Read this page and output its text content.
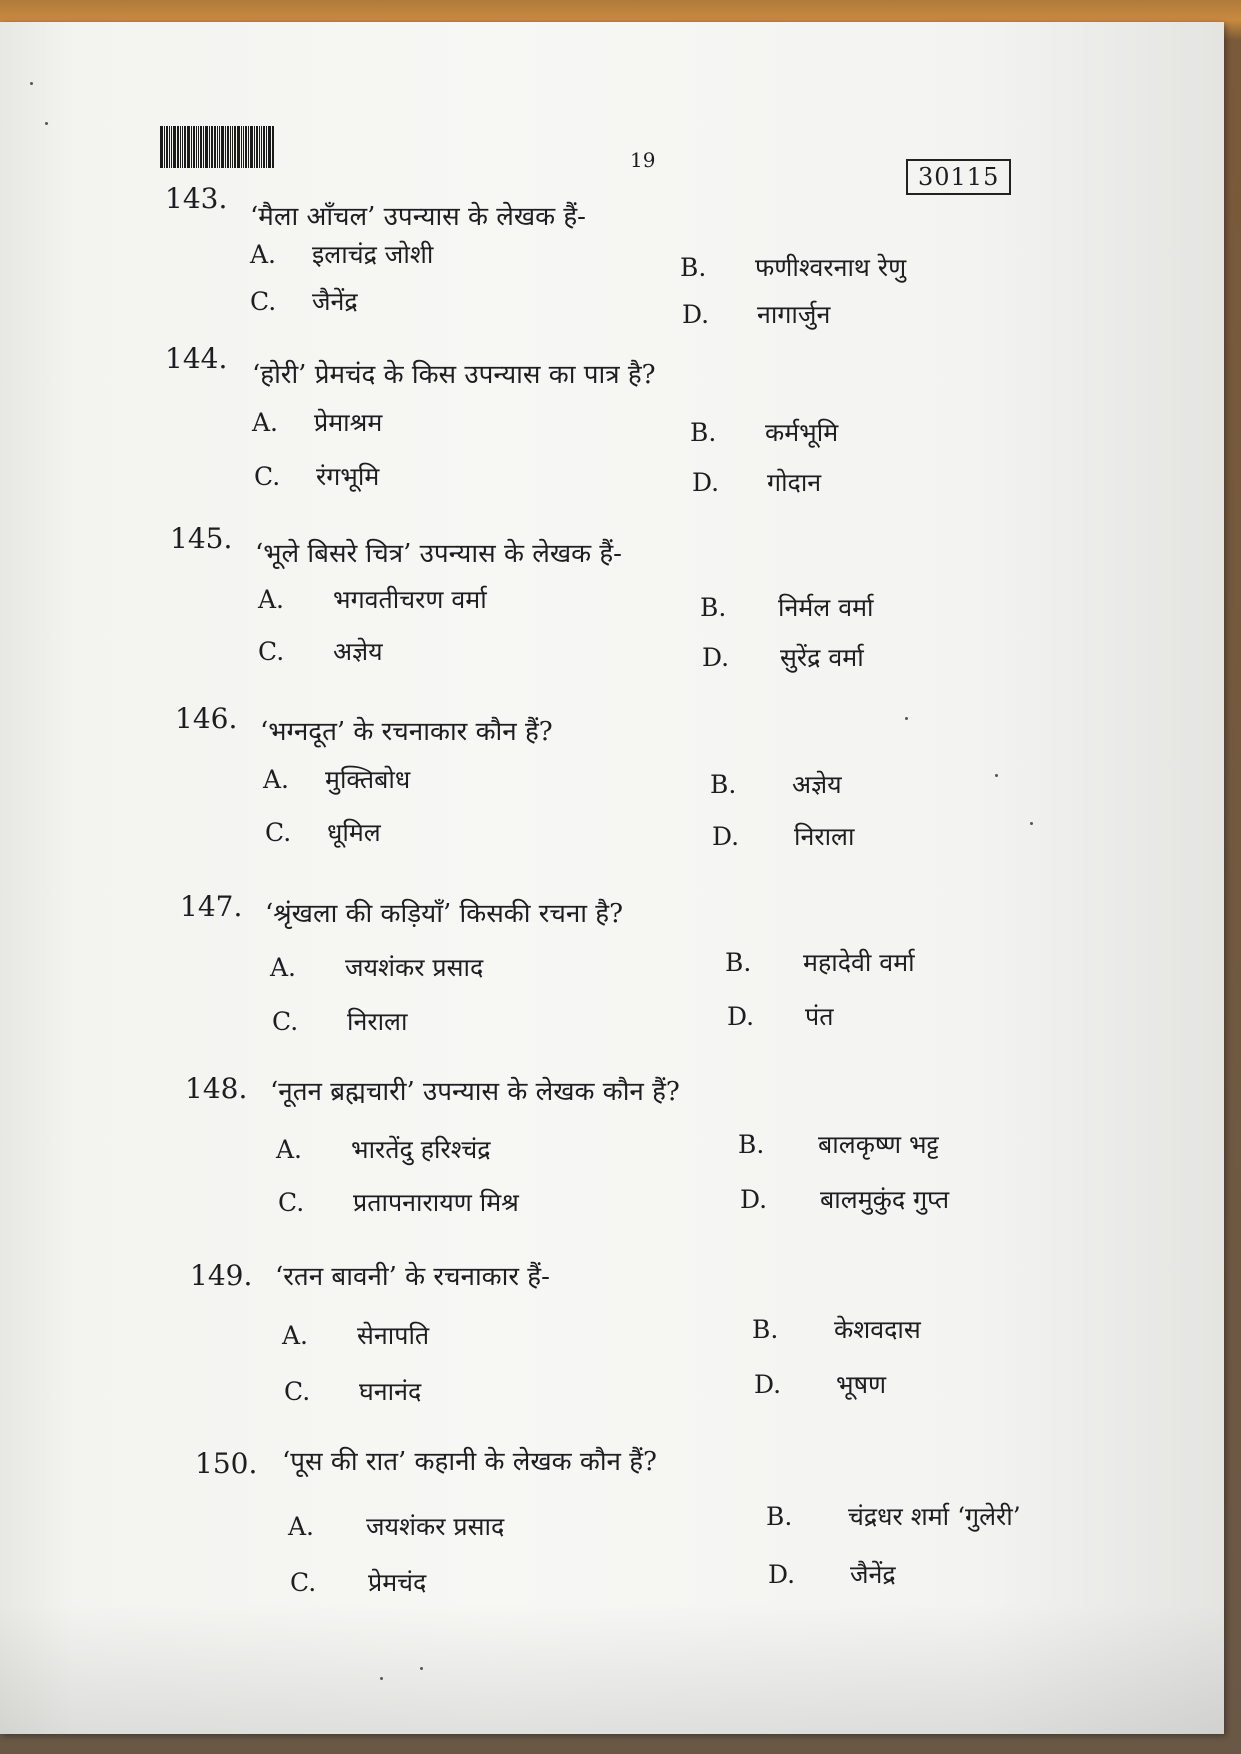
19
30115
143.
‘मैला आँचल’ उपन्यास के लेखक हैं-
A. इलाचंद्र जोशी	B. फणीश्वरनाथ रेणु
C. जैनेंद्र	D. नागार्जुन
144. ‘होरी’ प्रेमचंद के किस उपन्यास का पात्र है?
A. प्रेमाश्रम	B. कर्मभूमि
C. रंगभूमि	D. गोदान
145. ‘भूले बिसरे चित्र’ उपन्यास के लेखक हैं-
A. भगवतीचरण वर्मा	B. निर्मल वर्मा
C. अज्ञेय	D. सुरेंद्र वर्मा
146. ‘भग्नदूत’ के रचनाकार कौन हैं?
A. मुक्तिबोध	B. अज्ञेय
C. धूमिल	D. निराला
147. ‘श्रृंखला की कड़ियाँ’ किसकी रचना है?
A. जयशंकर प्रसाद	B. महादेवी वर्मा
C. निराला	D. पंत
148. ‘नूतन ब्रह्मचारी’ उपन्यास के लेखक कौन हैं?
A. भारतेंदु हरिश्चंद्र	B. बालकृष्ण भट्ट
C. प्रतापनारायण मिश्र	D. बालमुकुंद गुप्त
149. ‘रतन बावनी’ के रचनाकार हैं-
A. सेनापति	B. केशवदास
C. घनानंद	D. भूषण
150. ‘पूस की रात’ कहानी के लेखक कौन हैं?
A. जयशंकर प्रसाद	B. चंद्रधर शर्मा ‘गुलेरी’
C. प्रेमचंद	D. जैनेंद्र
